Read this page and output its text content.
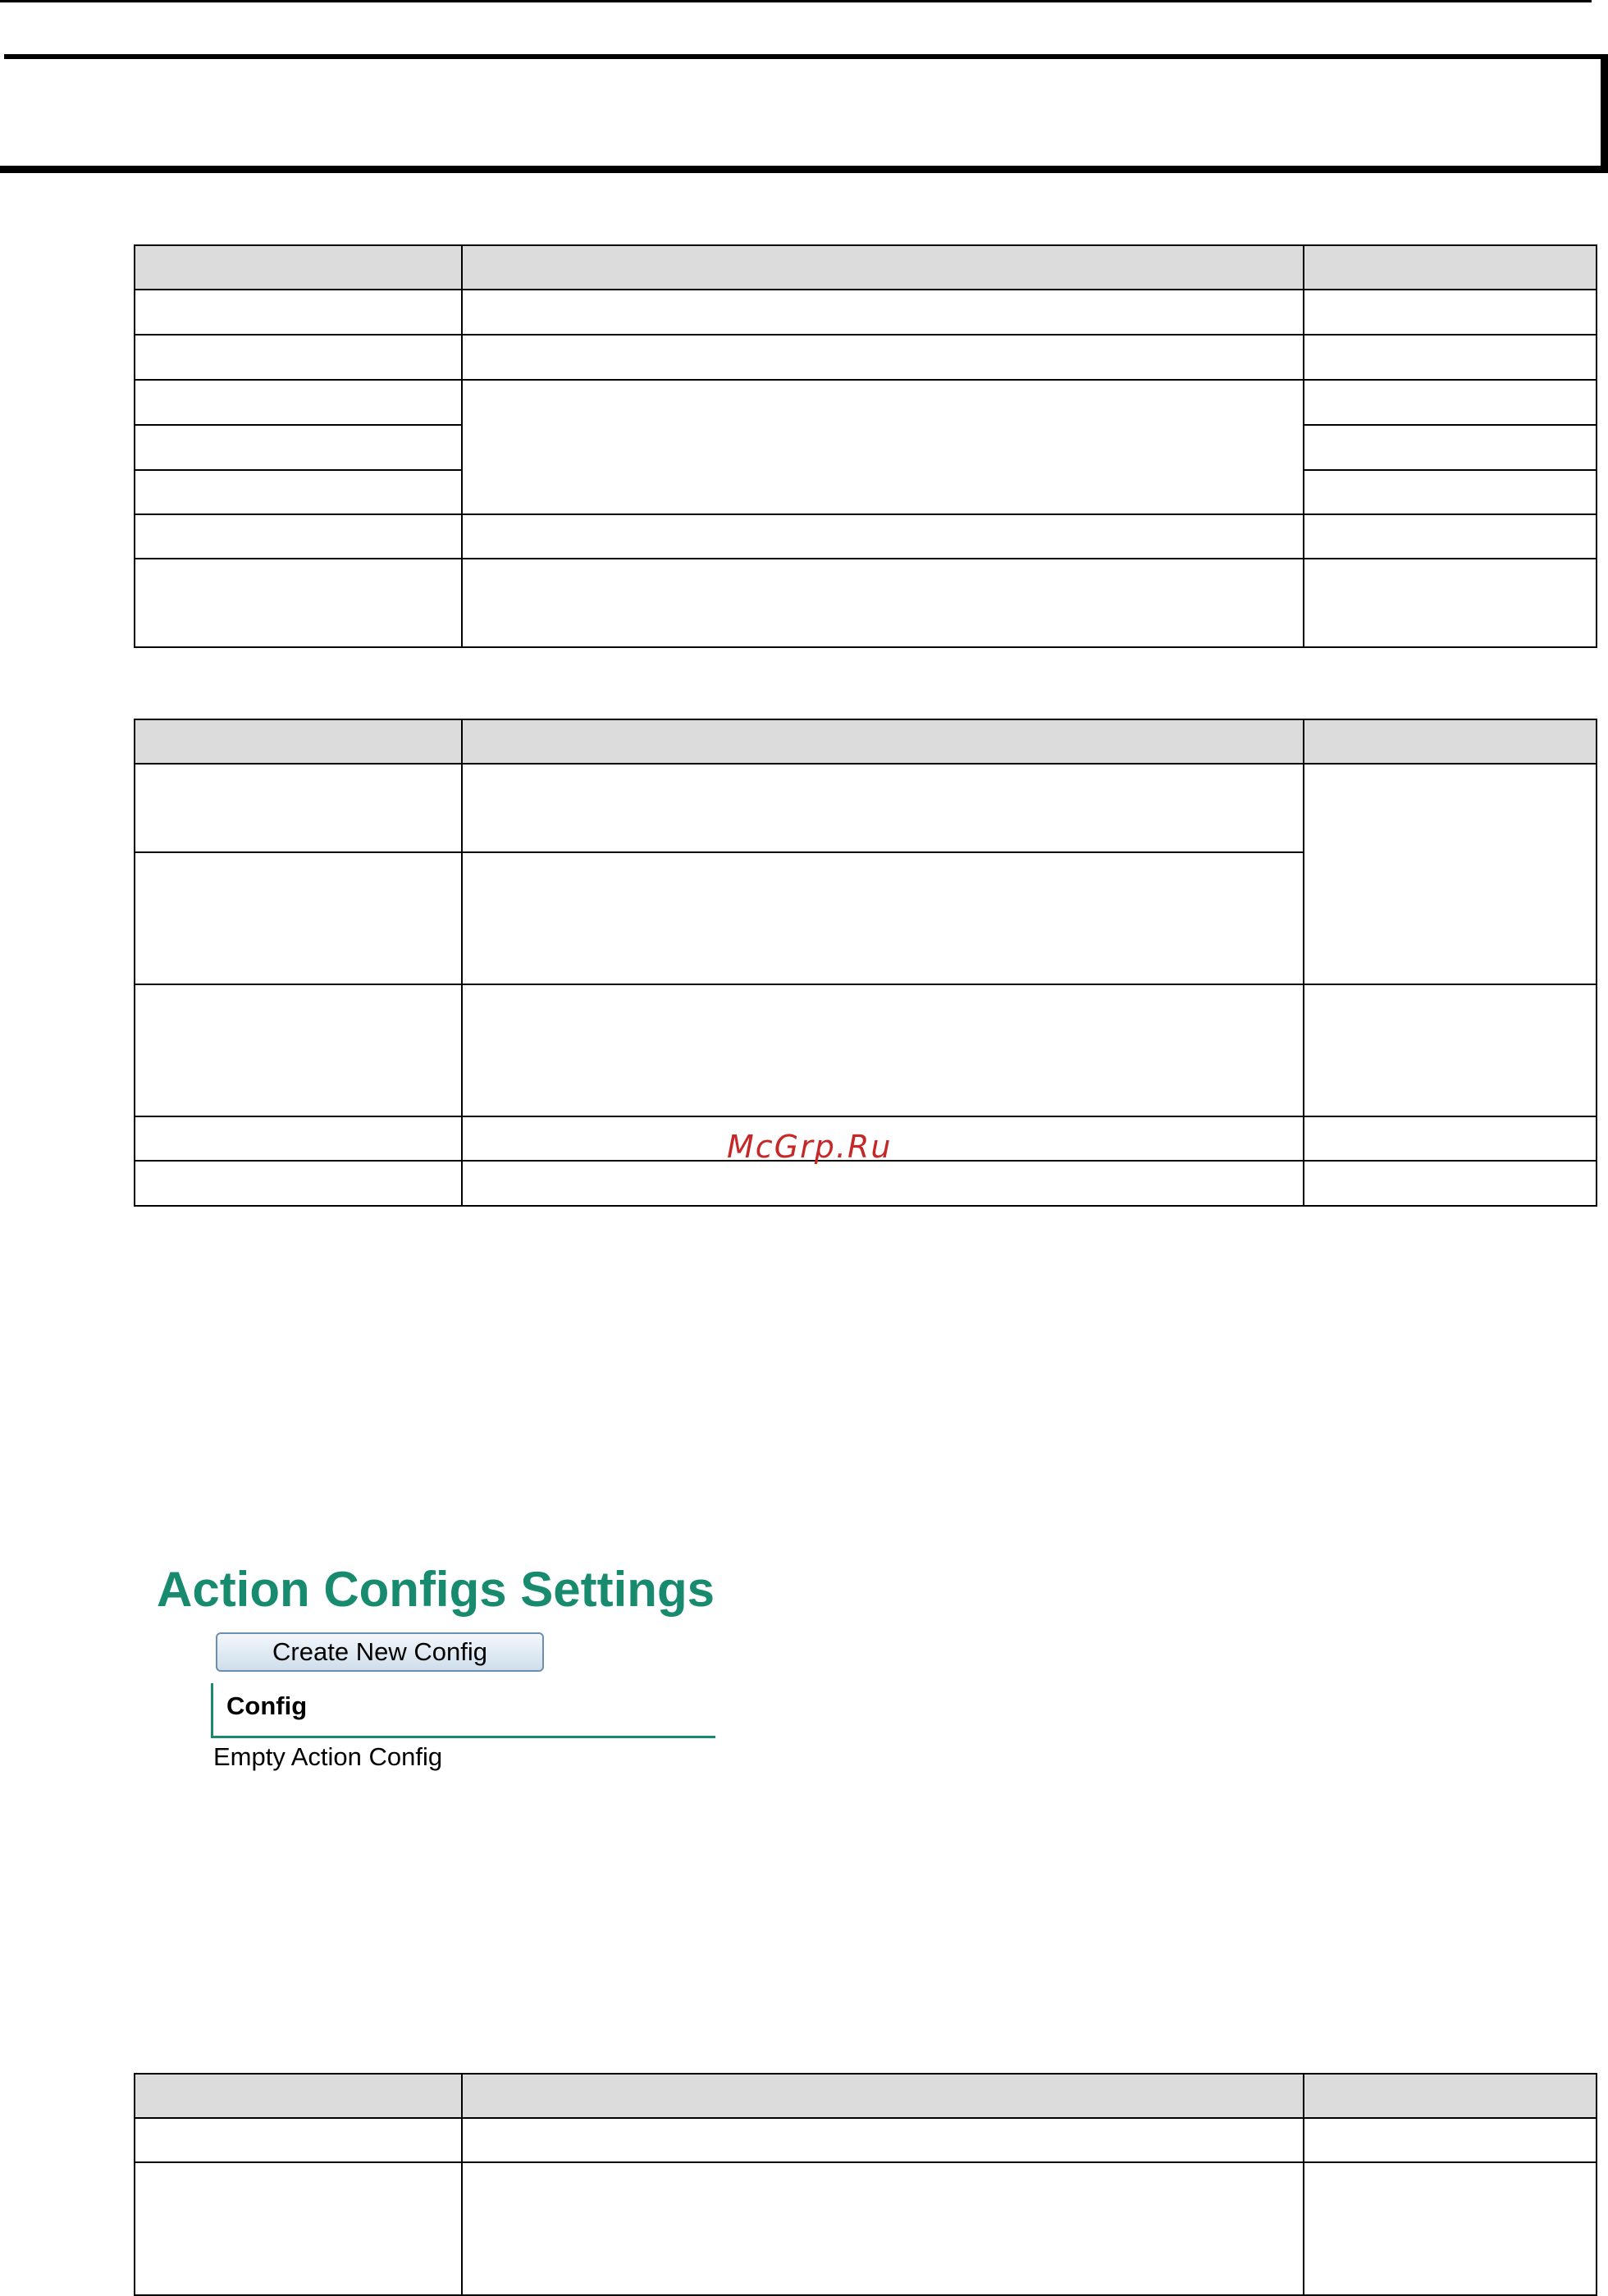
McGrp.Ru
Action Configs Settings
Create New Config
Config
Empty Action Config
